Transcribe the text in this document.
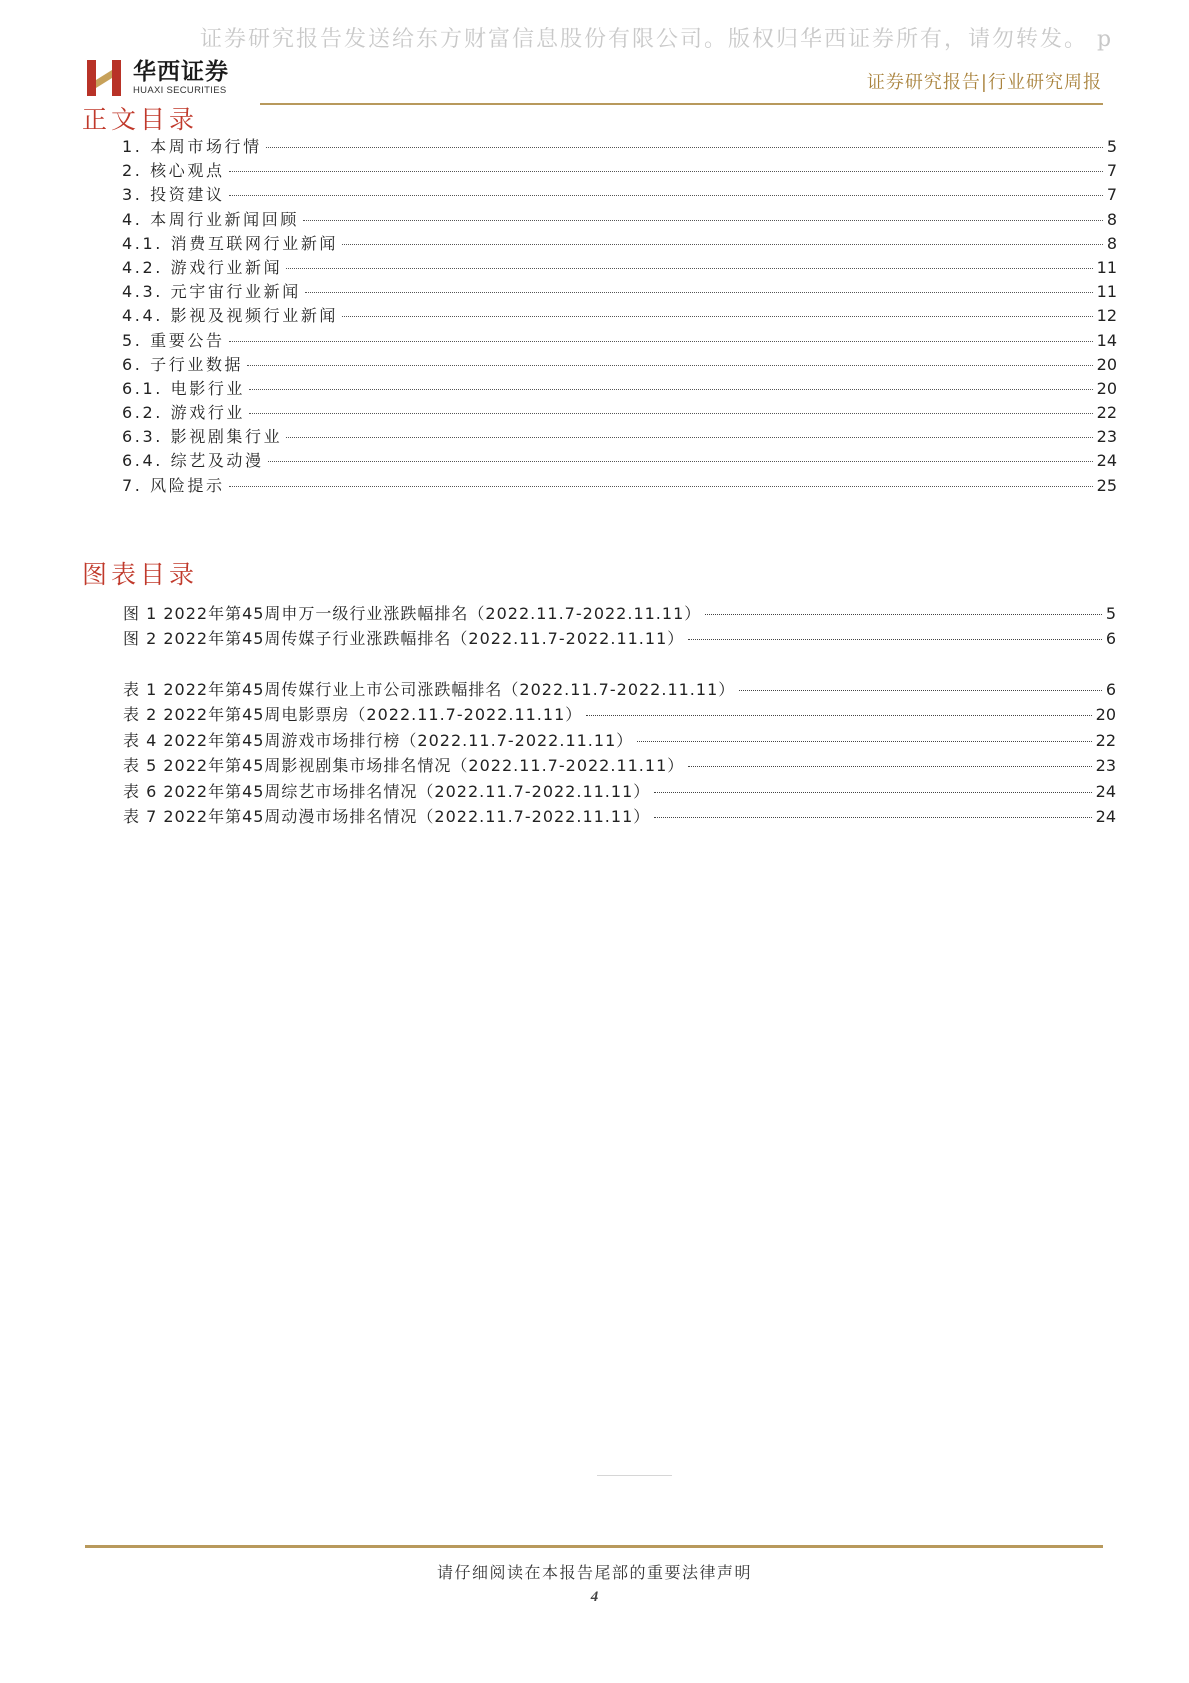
证券研究报告发送给东方财富信息股份有限公司。版权归华西证券所有，请勿转发。 p
华西证券
HUAXI SECURITIES	证券研究报告|行业研究周报
正文目录
1. 本周市场行情	5
2. 核心观点	7
3. 投资建议	7
4. 本周行业新闻回顾	8
4.1. 消费互联网行业新闻	8
4.2. 游戏行业新闻	11
4.3. 元宇宙行业新闻	11
4.4. 影视及视频行业新闻	12
5. 重要公告	14
6. 子行业数据	20
6.1. 电影行业	20
6.2. 游戏行业	22
6.3. 影视剧集行业	23
6.4. 综艺及动漫	24
7. 风险提示	25
图表目录
图 1 2022年第45周申万一级行业涨跌幅排名（2022.11.7-2022.11.11）	5
图 2 2022年第45周传媒子行业涨跌幅排名（2022.11.7-2022.11.11）	6
表 1 2022年第45周传媒行业上市公司涨跌幅排名（2022.11.7-2022.11.11）	6
表 2 2022年第45周电影票房（2022.11.7-2022.11.11）	20
表 4 2022年第45周游戏市场排行榜（2022.11.7-2022.11.11）	22
表 5 2022年第45周影视剧集市场排名情况（2022.11.7-2022.11.11）	23
表 6 2022年第45周综艺市场排名情况（2022.11.7-2022.11.11）	24
表 7 2022年第45周动漫市场排名情况（2022.11.7-2022.11.11）	24
请仔细阅读在本报告尾部的重要法律声明
4
